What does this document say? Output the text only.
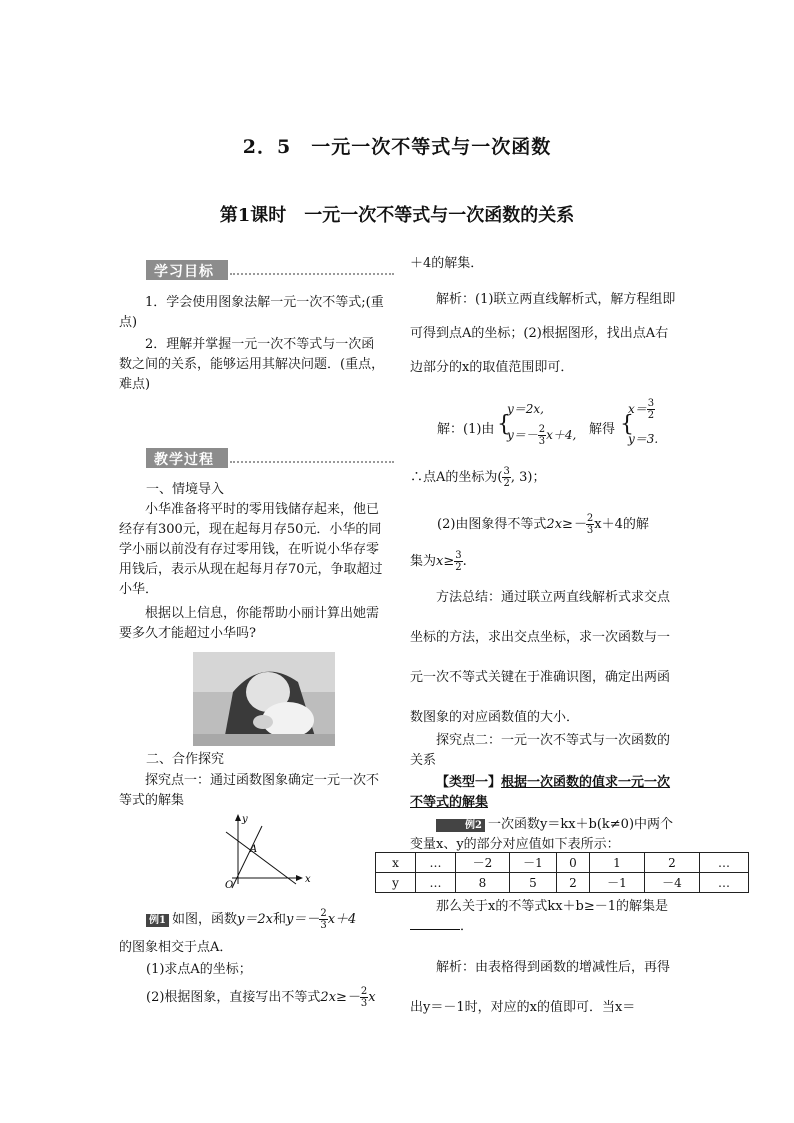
2．5　一元一次不等式与一次函数
第1课时　一元一次不等式与一次函数的关系
学习目标
1．学会使用图象法解一元一次不等式;(重点)
2．理解并掌握一元一次不等式与一次函数之间的关系，能够运用其解决问题．(重点，难点)
教学过程
一、情境导入
小华准备将平时的零用钱储存起来，他已经存有300元，现在起每月存50元．小华的同学小丽以前没有存过零用钱，在听说小华存零用钱后，表示从现在起每月存70元，争取超过小华．
根据以上信息，你能帮助小丽计算出她需要多久才能超过小华吗?
二、合作探究
探究点一：通过函数图象确定一元一次不等式的解集
y
x
O
A
例1 如图，函数y＝2x和$y=- \frac{2}{3} x+4$
的图象相交于点A．
(1)求点A的坐标；
(2)根据图象，直接写出不等式$2x\ge- \frac{2}{3}$ x
＋4的解集．
解析：(1)联立两直线解析式，解方程组即可得到点A的坐标；(2)根据图形，找出点A右边部分的x的取值范围即可．
解：(1)由 {
y＝2x,
$y=- \frac{2}{3} x+4$, 解得 {
$x= \frac{3}{2}$
y＝3.
∴点A的坐标为( $\frac{3}{2}$ , 3)；
(2)由图象得不等式$2x\ge- \frac{2}{3} x+4$的解
集为$x\ge \frac{3}{2}$ .
方法总结：通过联立两直线解析式求交点坐标的方法，求出交点坐标，求一次函数与一元一次不等式关键在于准确识图，确定出两函数图象的对应函数值的大小．
探究点二：一元一次不等式与一次函数的关系
【类型一】根据一次函数的值求一元一次不等式的解集
例2 一次函数y＝kx＋b(k≠0)中两个变量x、y的部分对应值如下表所示：
x	…	－2	－1	0	1	2	…
y	…	8	5	2	－1	－4	…
那么关于x的不等式kx＋b≥－1的解集是．
解析：由表格得到函数的增减性后，再得出y＝－1时，对应的x的值即可．当x＝
